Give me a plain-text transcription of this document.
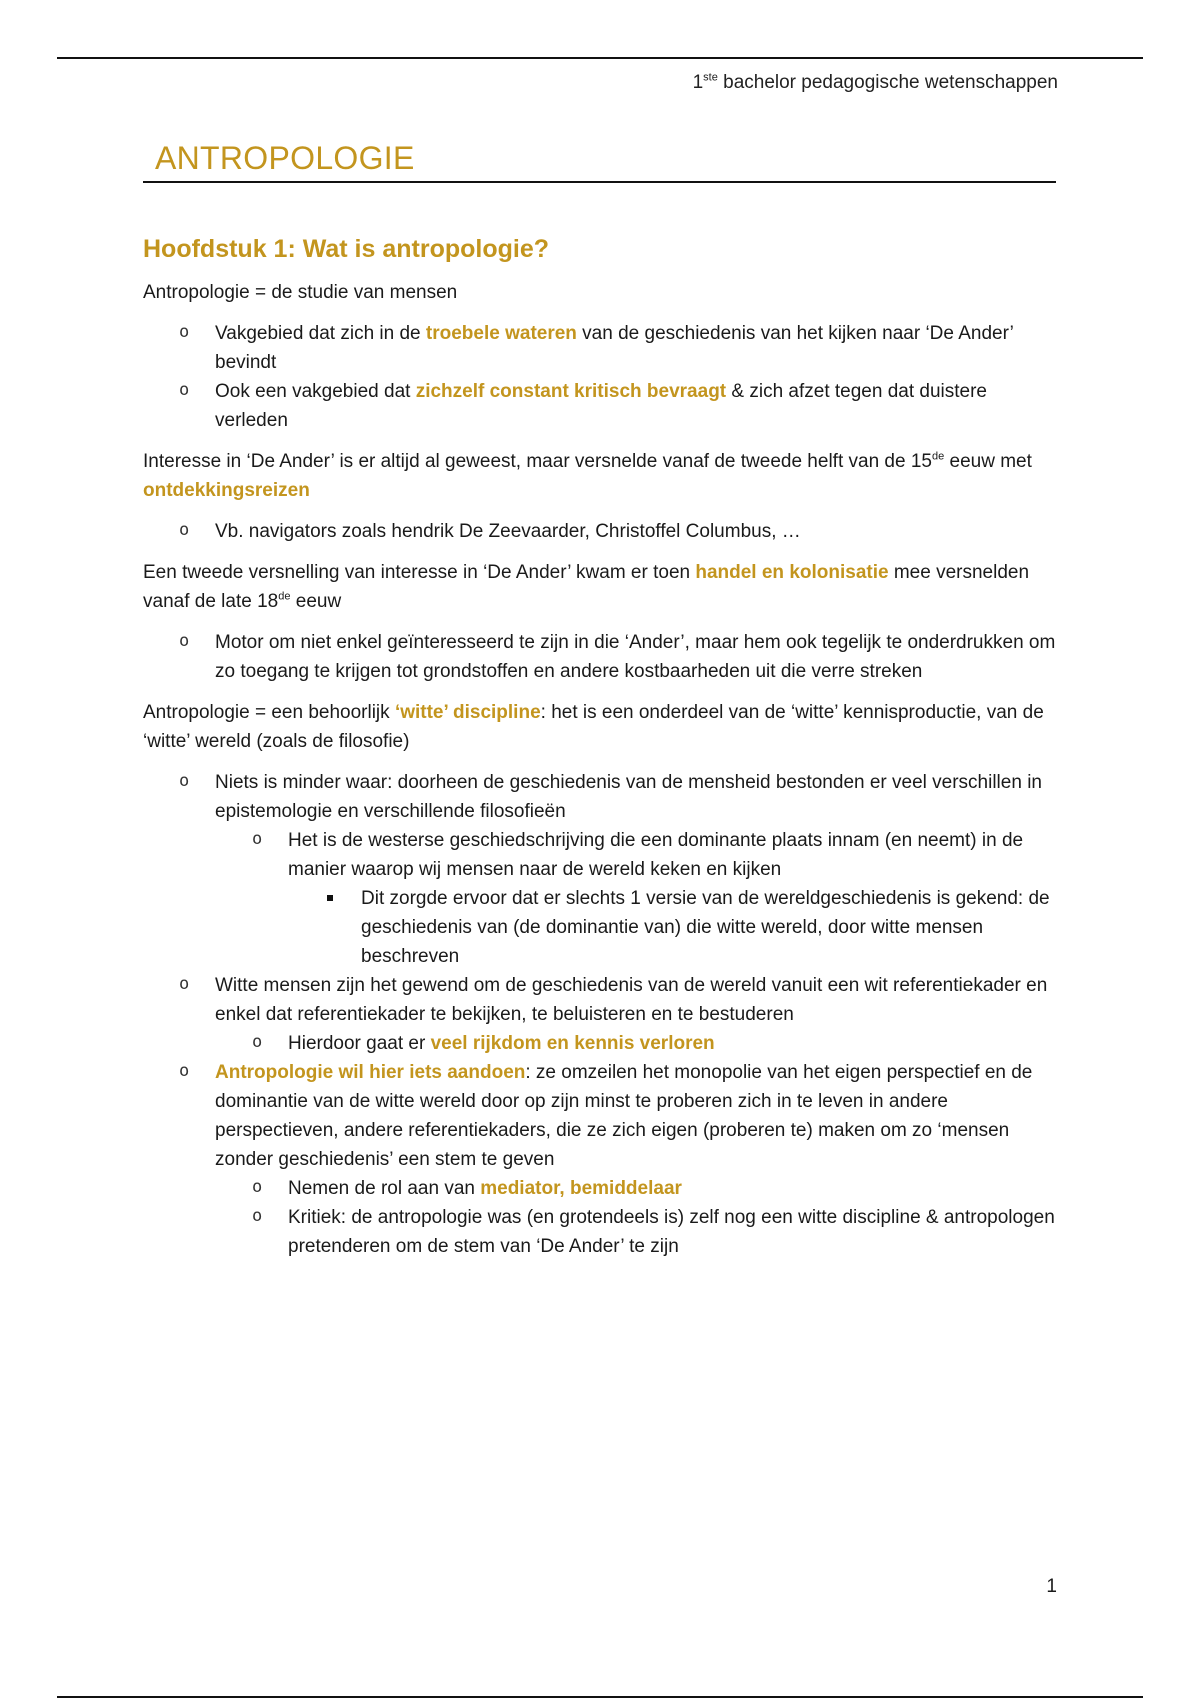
1ste bachelor pedagogische wetenschappen
ANTROPOLOGIE
Hoofdstuk 1: Wat is antropologie?

Antropologie = de studie van mensen

o Vakgebied dat zich in de troebele wateren van de geschiedenis van het kijken naar ‘De Ander’ bevindt
o Ook een vakgebied dat zichzelf constant kritisch bevraagt & zich afzet tegen dat duistere verleden

Interesse in ‘De Ander’ is er altijd al geweest, maar versnelde vanaf de tweede helft van de 15de eeuw met ontdekkingsreizen

o Vb. navigators zoals hendrik De Zeevaarder, Christoffel Columbus, …

Een tweede versnelling van interesse in ‘De Ander’ kwam er toen handel en kolonisatie mee versnelden vanaf de late 18de eeuw

o Motor om niet enkel geïnteresseerd te zijn in die ‘Ander’, maar hem ook tegelijk te onderdrukken om zo toegang te krijgen tot grondstoffen en andere kostbaarheden uit die verre streken

Antropologie = een behoorlijk ‘witte’ discipline: het is een onderdeel van de ‘witte’ kennisproductie, van de ‘witte’ wereld (zoals de filosofie)

o Niets is minder waar: doorheen de geschiedenis van de mensheid bestonden er veel verschillen in epistemologie en verschillende filosofieën
o Het is de westerse geschiedschrijving die een dominante plaats innam (en neemt) in de manier waarop wij mensen naar de wereld keken en kijken
Dit zorgde ervoor dat er slechts 1 versie van de wereldgeschiedenis is gekend: de geschiedenis van (de dominantie van) die witte wereld, door witte mensen beschreven
o Witte mensen zijn het gewend om de geschiedenis van de wereld vanuit een wit referentiekader en enkel dat referentiekader te bekijken, te beluisteren en te bestuderen
o Hierdoor gaat er veel rijkdom en kennis verloren
o Antropologie wil hier iets aandoen: ze omzeilen het monopolie van het eigen perspectief en de dominantie van de witte wereld door op zijn minst te proberen zich in te leven in andere perspectieven, andere referentiekaders, die ze zich eigen (proberen te) maken om zo ‘mensen zonder geschiedenis’ een stem te geven
o Nemen de rol aan van mediator, bemiddelaar
o Kritiek: de antropologie was (en grotendeels is) zelf nog een witte discipline & antropologen pretenderen om de stem van ‘De Ander’ te zijn
1
